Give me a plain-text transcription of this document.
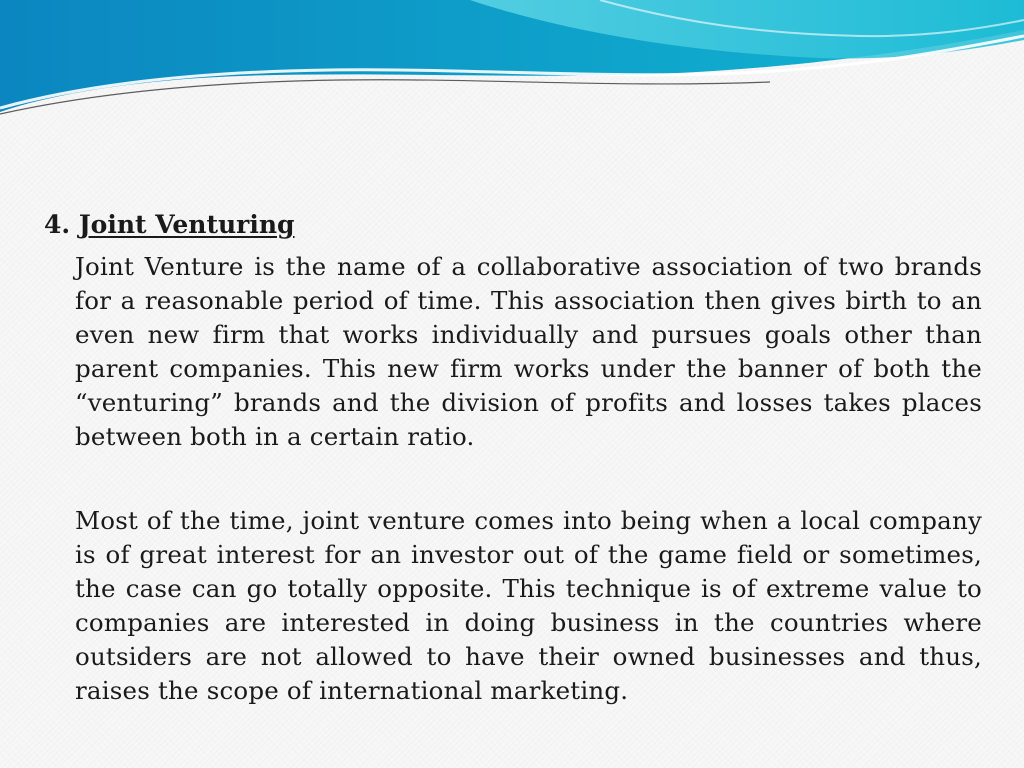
4. Joint Venturing
Joint Venture is the name of a collaborative association of two brands for a reasonable period of time. This association then gives birth to an even new firm that works individually and pursues goals other than parent companies. This new firm works under the banner of both the “venturing” brands and the division of profits and losses takes places between both in a certain ratio.
Most of the time, joint venture comes into being when a local company is of great interest for an investor out of the game field or sometimes, the case can go totally opposite. This technique is of extreme value to companies are interested in doing business in the countries where outsiders are not allowed to have their owned businesses and thus, raises the scope of international marketing.
